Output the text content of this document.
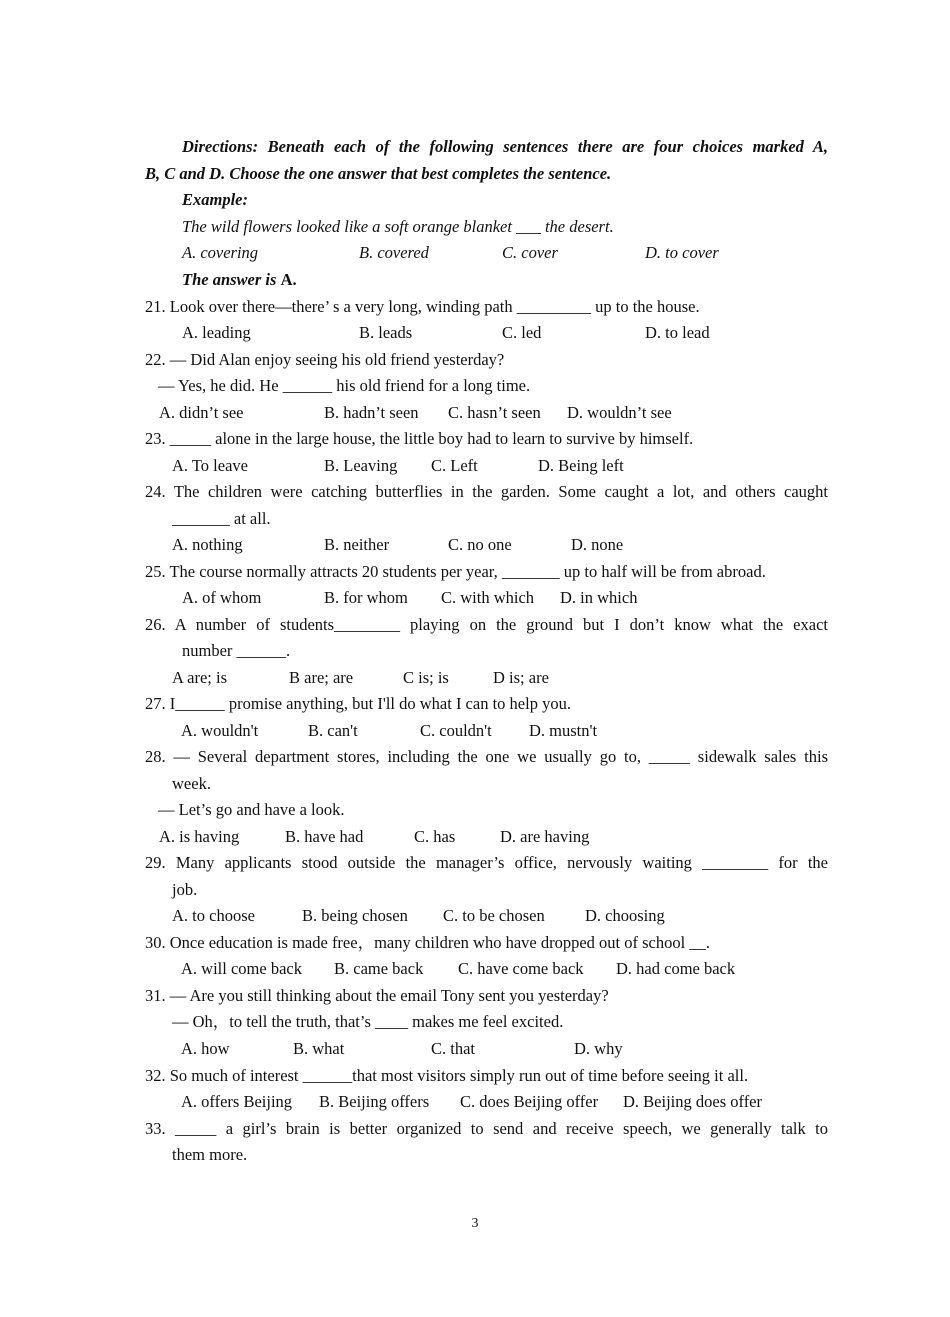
Directions: Beneath each of the following sentences there are four choices marked A,
B, C and D. Choose the one answer that best completes the sentence.
Example:
The wild flowers looked like a soft orange blanket ___ the desert.
A. covering	B. covered	C. cover	D. to cover
The answer is A.
21. Look over there—there’ s a very long, winding path _________ up to the house.
A. leading	B. leads	C. led	D. to lead
22. — Did Alan enjoy seeing his old friend yesterday?
— Yes, he did. He ______ his old friend for a long time.
A. didn’t see	B. hadn’t seen C. hasn’t seen D. wouldn’t see
23. _____ alone in the large house, the little boy had to learn to survive by himself.
A. To leave	B. Leaving C. Left	D. Being left
24. The children were catching butterflies in the garden. Some caught a lot, and others caught
_______ at all.
A. nothing	B. neither	C. no one	D. none
25. The course normally attracts 20 students per year, _______ up to half will be from abroad.
A. of whom	B. for whom C. with which D. in which
26. A number of students________ playing on the ground but I don’t know what the exact
number ______.
A are; is	B are; are	C is; is	D is; are
27. I______ promise anything, but I'll do what I can to help you.
A. wouldn't	B. can't	C. couldn't D. mustn't
28. — Several department stores, including the one we usually go to, _____ sidewalk sales this
week.
— Let’s go and have a look.
A. is having	B. have had	C. has	D. are having
29. Many applicants stood outside the manager’s office, nervously waiting ________ for the
job.
A. to choose	B. being chosen C. to be chosen D. choosing
30. Once education is made free，many children who have dropped out of school __.
A. will come back B. came back C. have come back D. had come back
31. — Are you still thinking about the email Tony sent you yesterday?
— Oh，to tell the truth, that’s ____ makes me feel excited.
A. how	B. what	C. that	D. why
32. So much of interest ______that most visitors simply run out of time before seeing it all.
A. offers Beijing B. Beijing offers C. does Beijing offer D. Beijing does offer
33. _____ a girl’s brain is better organized to send and receive speech, we generally talk to
them more.
3
